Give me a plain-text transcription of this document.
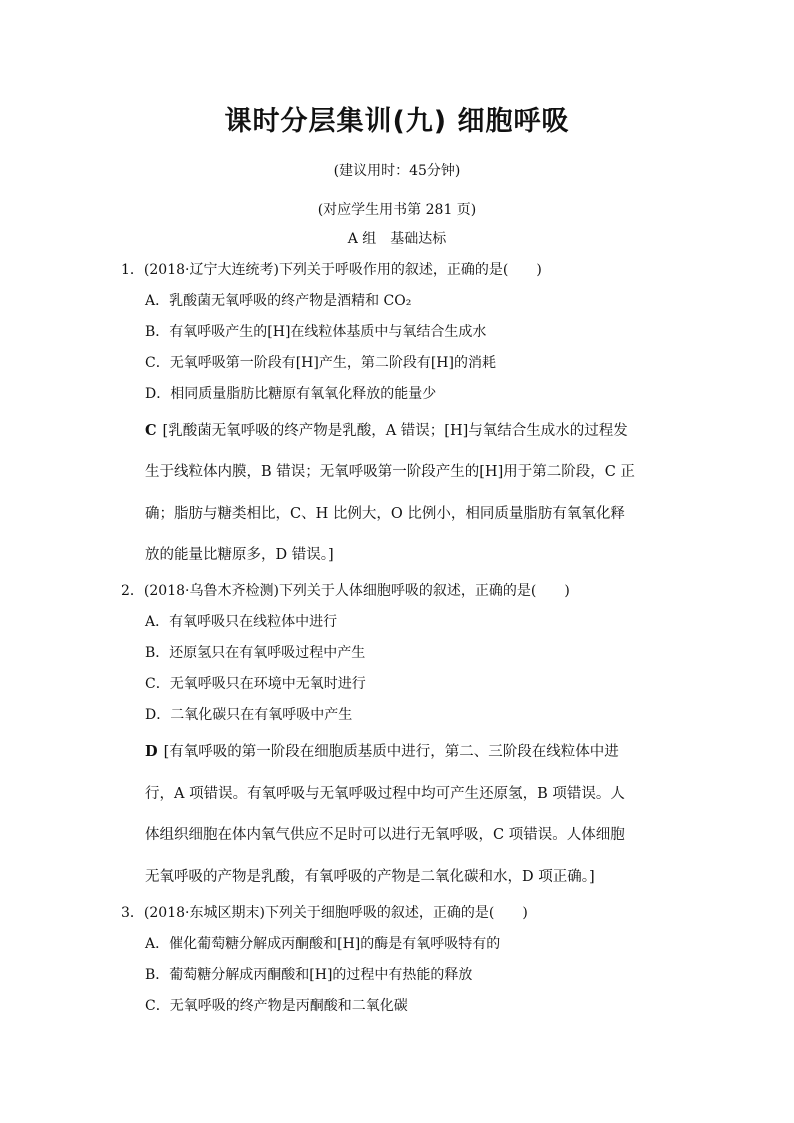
课时分层集训(九) 细胞呼吸
(建议用时：45分钟)
(对应学生用书第 281 页)
A 组　基础达标
1．(2018·辽宁大连统考)下列关于呼吸作用的叙述，正确的是(　　)
A．乳酸菌无氧呼吸的终产物是酒精和 CO₂
B．有氧呼吸产生的[H]在线粒体基质中与氧结合生成水
C．无氧呼吸第一阶段有[H]产生，第二阶段有[H]的消耗
D．相同质量脂肪比糖原有氧氧化释放的能量少
C [乳酸菌无氧呼吸的终产物是乳酸，A 错误；[H]与氧结合生成水的过程发
生于线粒体内膜，B 错误；无氧呼吸第一阶段产生的[H]用于第二阶段，C 正
确；脂肪与糖类相比，C、H 比例大，O 比例小，相同质量脂肪有氧氧化释
放的能量比糖原多，D 错误。]
2．(2018·乌鲁木齐检测)下列关于人体细胞呼吸的叙述，正确的是(　　)
A．有氧呼吸只在线粒体中进行
B．还原氢只在有氧呼吸过程中产生
C．无氧呼吸只在环境中无氧时进行
D．二氧化碳只在有氧呼吸中产生
D [有氧呼吸的第一阶段在细胞质基质中进行，第二、三阶段在线粒体中进
行，A 项错误。有氧呼吸与无氧呼吸过程中均可产生还原氢，B 项错误。人
体组织细胞在体内氧气供应不足时可以进行无氧呼吸，C 项错误。人体细胞
无氧呼吸的产物是乳酸，有氧呼吸的产物是二氧化碳和水，D 项正确。]
3．(2018·东城区期末)下列关于细胞呼吸的叙述，正确的是(　　)
A．催化葡萄糖分解成丙酮酸和[H]的酶是有氧呼吸特有的
B．葡萄糖分解成丙酮酸和[H]的过程中有热能的释放
C．无氧呼吸的终产物是丙酮酸和二氧化碳
